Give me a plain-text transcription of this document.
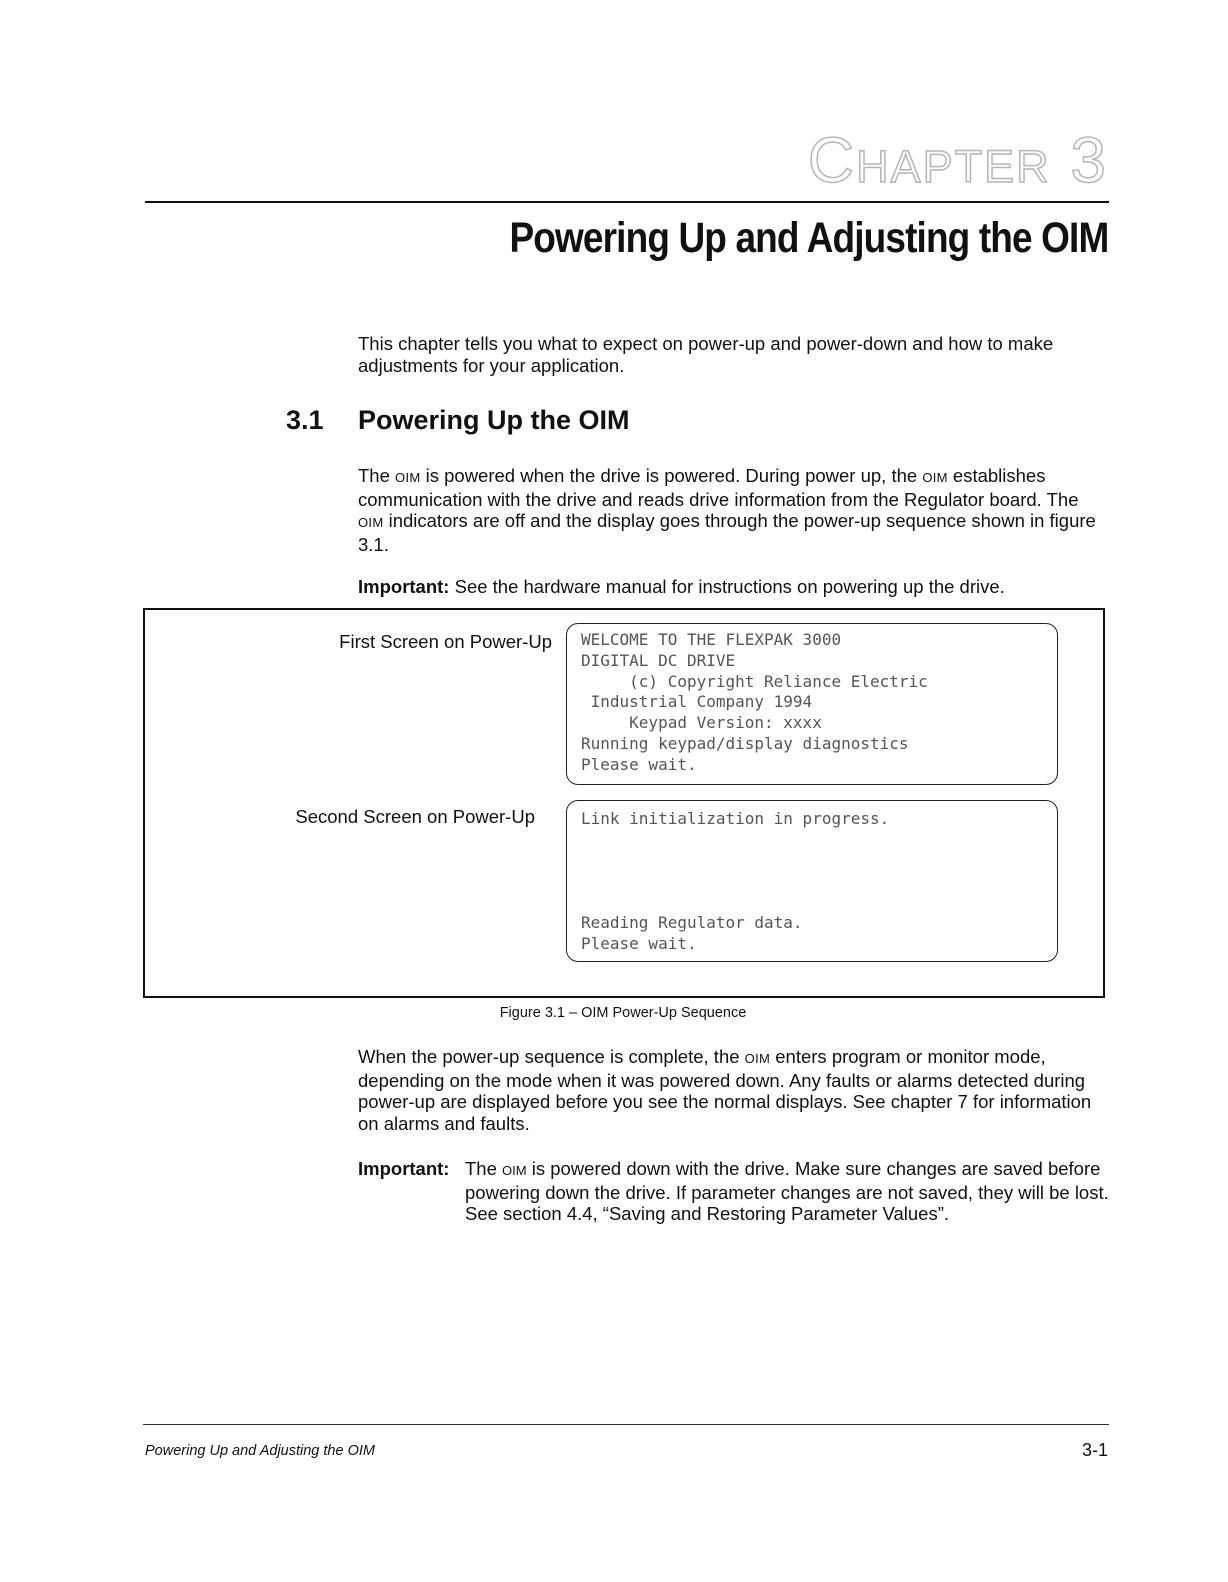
Chapter 3
Powering Up and Adjusting the OIM
This chapter tells you what to expect on power-up and power-down and how to make adjustments for your application.
3.1 Powering Up the OIM
The OIM is powered when the drive is powered. During power up, the OIM establishes communication with the drive and reads drive information from the Regulator board. The OIM indicators are off and the display goes through the power-up sequence shown in figure 3.1.
Important: See the hardware manual for instructions on powering up the drive.
First Screen on Power-Up	WELCOME TO THE FLEXPAK 3000
DIGITAL DC DRIVE
(c) Copyright Reliance Electric
Industrial Company 1994
Keypad Version: xxxx
Running keypad/display diagnostics
Please wait.
Second Screen on Power-Up	Link initialization in progress.

Reading Regulator data.
Please wait.
Figure 3.1 – OIM Power-Up Sequence
When the power-up sequence is complete, the OIM enters program or monitor mode, depending on the mode when it was powered down. Any faults or alarms detected during power-up are displayed before you see the normal displays. See chapter 7 for information on alarms and faults.
Important: The OIM is powered down with the drive. Make sure changes are saved before powering down the drive. If parameter changes are not saved, they will be lost. See section 4.4, “Saving and Restoring Parameter Values”.
Powering Up and Adjusting the OIM	3-1
